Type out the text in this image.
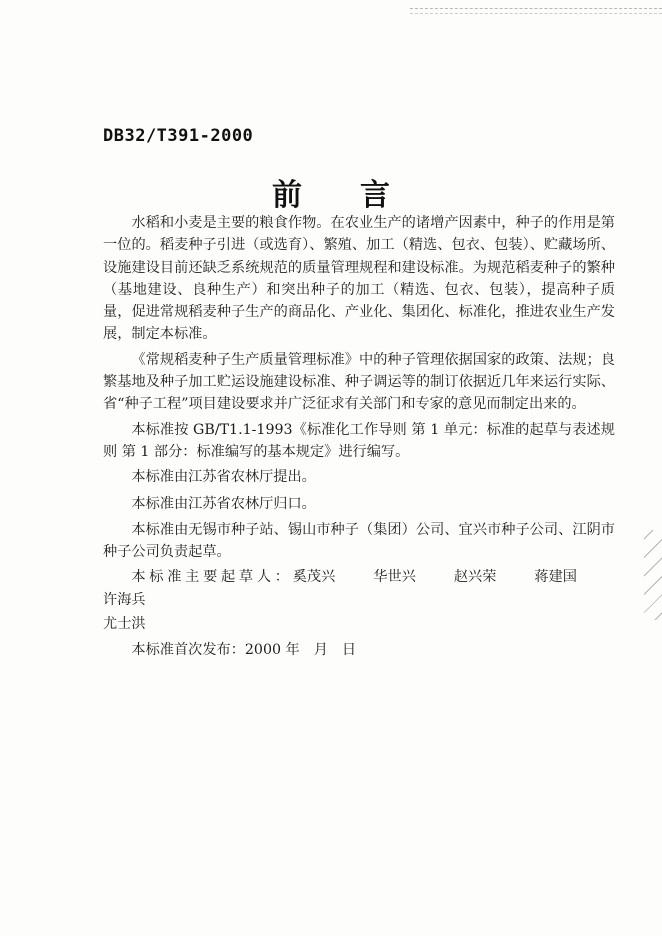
DB32/T391-2000
前言

水稻和小麦是主要的粮食作物。在农业生产的诸增产因素中，种子的作用是第一位的。稻麦种子引进（或选育）、繁殖、加工（精选、包衣、包装）、贮藏场所、设施建设目前还缺乏系统规范的质量管理规程和建设标准。为规范稻麦种子的繁种（基地建设、良种生产）和突出种子的加工（精选、包衣、包装），提高种子质量，促进常规稻麦种子生产的商品化、产业化、集团化、标准化，推进农业生产发展，制定本标准。

《常规稻麦种子生产质量管理标准》中的种子管理依据国家的政策、法规；良繁基地及种子加工贮运设施建设标准、种子调运等的制订依据近几年来运行实际、省“种子工程”项目建设要求并广泛征求有关部门和专家的意见而制定出来的。

本标准按 GB/T1.1-1993《标准化工作导则 第 1 单元：标准的起草与表述规则 第 1 部分：标准编写的基本规定》进行编写。

本标准由江苏省农林厅提出。

本标准由江苏省农林厅归口。

本标准由无锡市种子站、锡山市种子（集团）公司、宜兴市种子公司、江阴市种子公司负责起草。

本标准主要起草人：奚茂兴	华世兴	赵兴荣	蒋建国许海兵
尤士洪
本标准首次发布：2000 年 月 日
